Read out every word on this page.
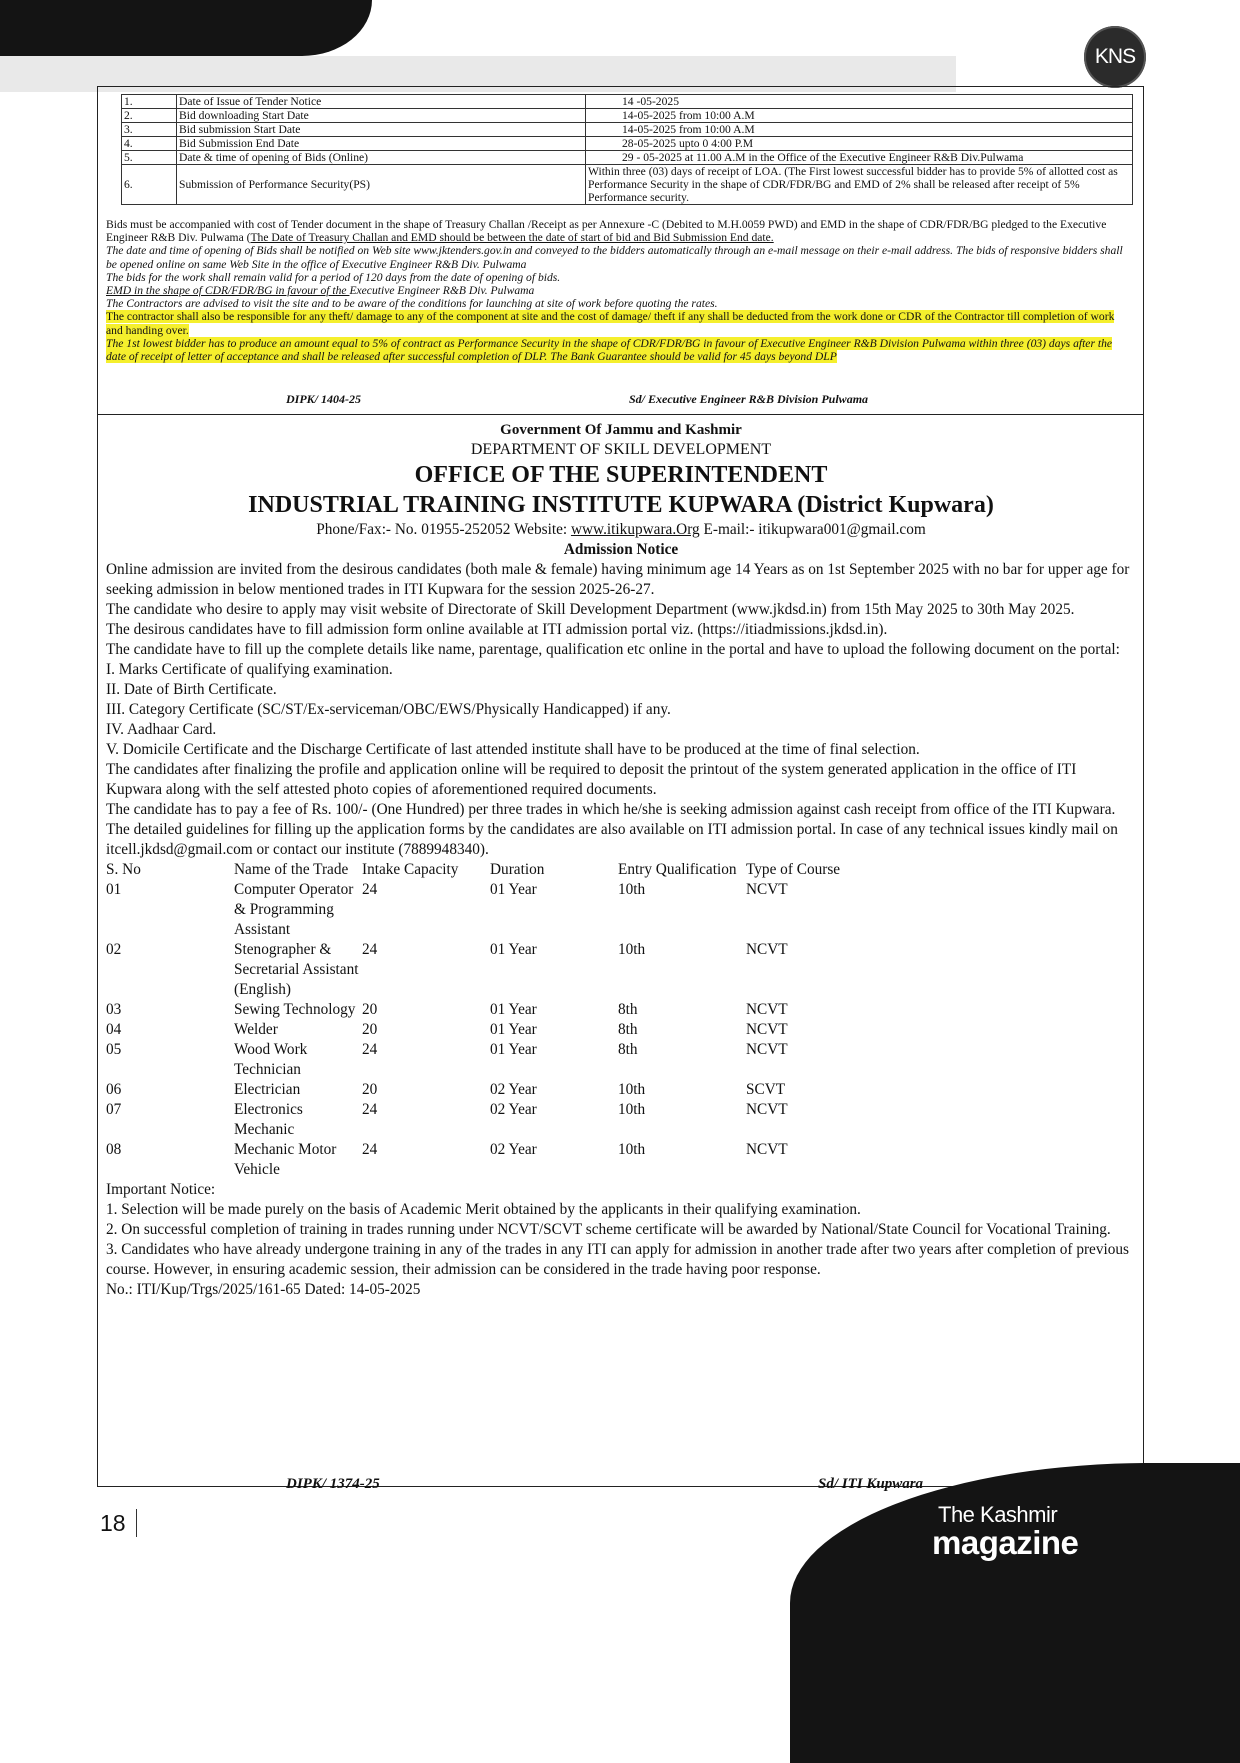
KNS
1.	Date of Issue of Tender Notice	14 -05-2025
2.	Bid downloading Start Date	14-05-2025 from 10:00 A.M
3.	Bid submission Start Date	14-05-2025 from 10:00 A.M
4.	Bid Submission End Date	28-05-2025 upto 0 4:00 P.M
5.	Date & time of opening of Bids (Online)	29 - 05-2025 at 11.00 A.M in the Office of the Executive Engineer R&B Div.Pulwama
6.	Submission of Performance Security(PS)	Within three (03) days of receipt of LOA. (The First lowest successful bidder has to provide 5% of allotted cost as Performance Security in the shape of CDR/FDR/BG and EMD of 2% shall be released after receipt of 5% Performance security.

Bids must be accompanied with cost of Tender document in the shape of Treasury Challan /Receipt as per Annexure -C (Debited to M.H.0059 PWD) and EMD in the shape of CDR/FDR/BG pledged to the Executive Engineer R&B Div. Pulwama (The Date of Treasury Challan and EMD should be between the date of start of bid and Bid Submission End date.

The date and time of opening of Bids shall be notified on Web site www.jktenders.gov.in and conveyed to the bidders automatically through an e-mail message on their e-mail address. The bids of responsive bidders shall be opened online on same Web Site in the office of Executive Engineer R&B Div. Pulwama

The bids for the work shall remain valid for a period of 120 days from the date of opening of bids.

EMD in the shape of CDR/FDR/BG in favour of the Executive Engineer R&B Div. Pulwama

The Contractors are advised to visit the site and to be aware of the conditions for launching at site of work before quoting the rates.

The contractor shall also be responsible for any theft/ damage to any of the component at site and the cost of damage/ theft if any shall be deducted from the work done or CDR of the Contractor till completion of work and handing over.

The 1st lowest bidder has to produce an amount equal to 5% of contract as Performance Security in the shape of CDR/FDR/BG in favour of Executive Engineer R&B Division Pulwama within three (03) days after the date of receipt of letter of acceptance and shall be released after successful completion of DLP. The Bank Guarantee should be valid for 45 days beyond DLP

DIPK/ 1404-25	Sd/ Executive Engineer R&B Division Pulwama
Government Of Jammu and Kashmir
DEPARTMENT OF SKILL DEVELOPMENT
OFFICE OF THE SUPERINTENDENT
INDUSTRIAL TRAINING INSTITUTE KUPWARA (District Kupwara)
Phone/Fax:- No. 01955-252052 Website: www.itikupwara.Org E-mail:- itikupwara001@gmail.com
Admission Notice

Online admission are invited from the desirous candidates (both male & female) having minimum age 14 Years as on 1st September 2025 with no bar for upper age for seeking admission in below mentioned trades in ITI Kupwara for the session 2025-26-27.

The candidate who desire to apply may visit website of Directorate of Skill Development Department (www.jkdsd.in) from 15th May 2025 to 30th May 2025.

The desirous candidates have to fill admission form online available at ITI admission portal viz. (https://itiadmissions.jkdsd.in).

The candidate have to fill up the complete details like name, parentage, qualification etc online in the portal and have to upload the following document on the portal:

I. Marks Certificate of qualifying examination.

II. Date of Birth Certificate.

III. Category Certificate (SC/ST/Ex-serviceman/OBC/EWS/Physically Handicapped) if any.

IV. Aadhaar Card.

V. Domicile Certificate and the Discharge Certificate of last attended institute shall have to be produced at the time of final selection.

The candidates after finalizing the profile and application online will be required to deposit the printout of the system generated application in the office of ITI Kupwara along with the self attested photo copies of aforementioned required documents.

The candidate has to pay a fee of Rs. 100/- (One Hundred) per three trades in which he/she is seeking admission against cash receipt from office of the ITI Kupwara.

The detailed guidelines for filling up the application forms by the candidates are also available on ITI admission portal. In case of any technical issues kindly mail on itcell.jkdsd@gmail.com or contact our institute (7889948340).

S. No	Name of the Trade	Intake Capacity	Duration	Entry Qualification	Type of Course
01	Computer Operator & Programming Assistant	24	01 Year	10th	NCVT
02	Stenographer & Secretarial Assistant (English)	24	01 Year	10th	NCVT
03	Sewing Technology	20	01 Year	8th	NCVT
04	Welder	20	01 Year	8th	NCVT
05	Wood Work Technician	24	01 Year	8th	NCVT
06	Electrician	20	02 Year	10th	SCVT
07	Electronics Mechanic	24	02 Year	10th	NCVT
08	Mechanic Motor Vehicle	24	02 Year	10th	NCVT

Important Notice:

1. Selection will be made purely on the basis of Academic Merit obtained by the applicants in their qualifying examination.

2. On successful completion of training in trades running under NCVT/SCVT scheme certificate will be awarded by National/State Council for Vocational Training.

3. Candidates who have already undergone training in any of the trades in any ITI can apply for admission in another trade after two years after completion of previous course. However, in ensuring academic session, their admission can be considered in the trade having poor response.

No.: ITI/Kup/Trgs/2025/161-65 Dated: 14-05-2025

DIPK/ 1374-25	Sd/ ITI Kupwara
18	The Kashmir
magazine
